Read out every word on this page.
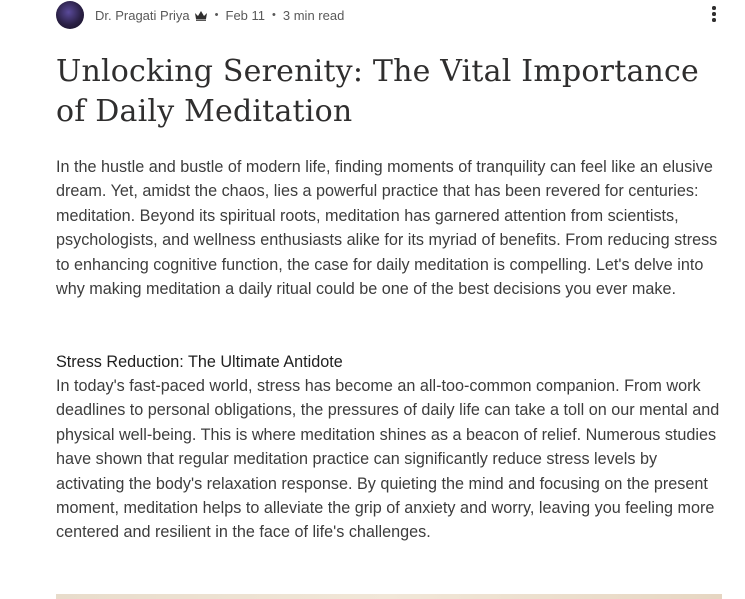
Dr. Pragati Priya • Feb 11 • 3 min read
Unlocking Serenity: The Vital Importance of Daily Meditation

In the hustle and bustle of modern life, finding moments of tranquility can feel like an elusive dream. Yet, amidst the chaos, lies a powerful practice that has been revered for centuries: meditation. Beyond its spiritual roots, meditation has garnered attention from scientists, psychologists, and wellness enthusiasts alike for its myriad of benefits. From reducing stress to enhancing cognitive function, the case for daily meditation is compelling. Let's delve into why making meditation a daily ritual could be one of the best decisions you ever make.

Stress Reduction: The Ultimate Antidote

In today's fast-paced world, stress has become an all-too-common companion. From work deadlines to personal obligations, the pressures of daily life can take a toll on our mental and physical well-being. This is where meditation shines as a beacon of relief. Numerous studies have shown that regular meditation practice can significantly reduce stress levels by activating the body's relaxation response. By quieting the mind and focusing on the present moment, meditation helps to alleviate the grip of anxiety and worry, leaving you feeling more centered and resilient in the face of life's challenges.
